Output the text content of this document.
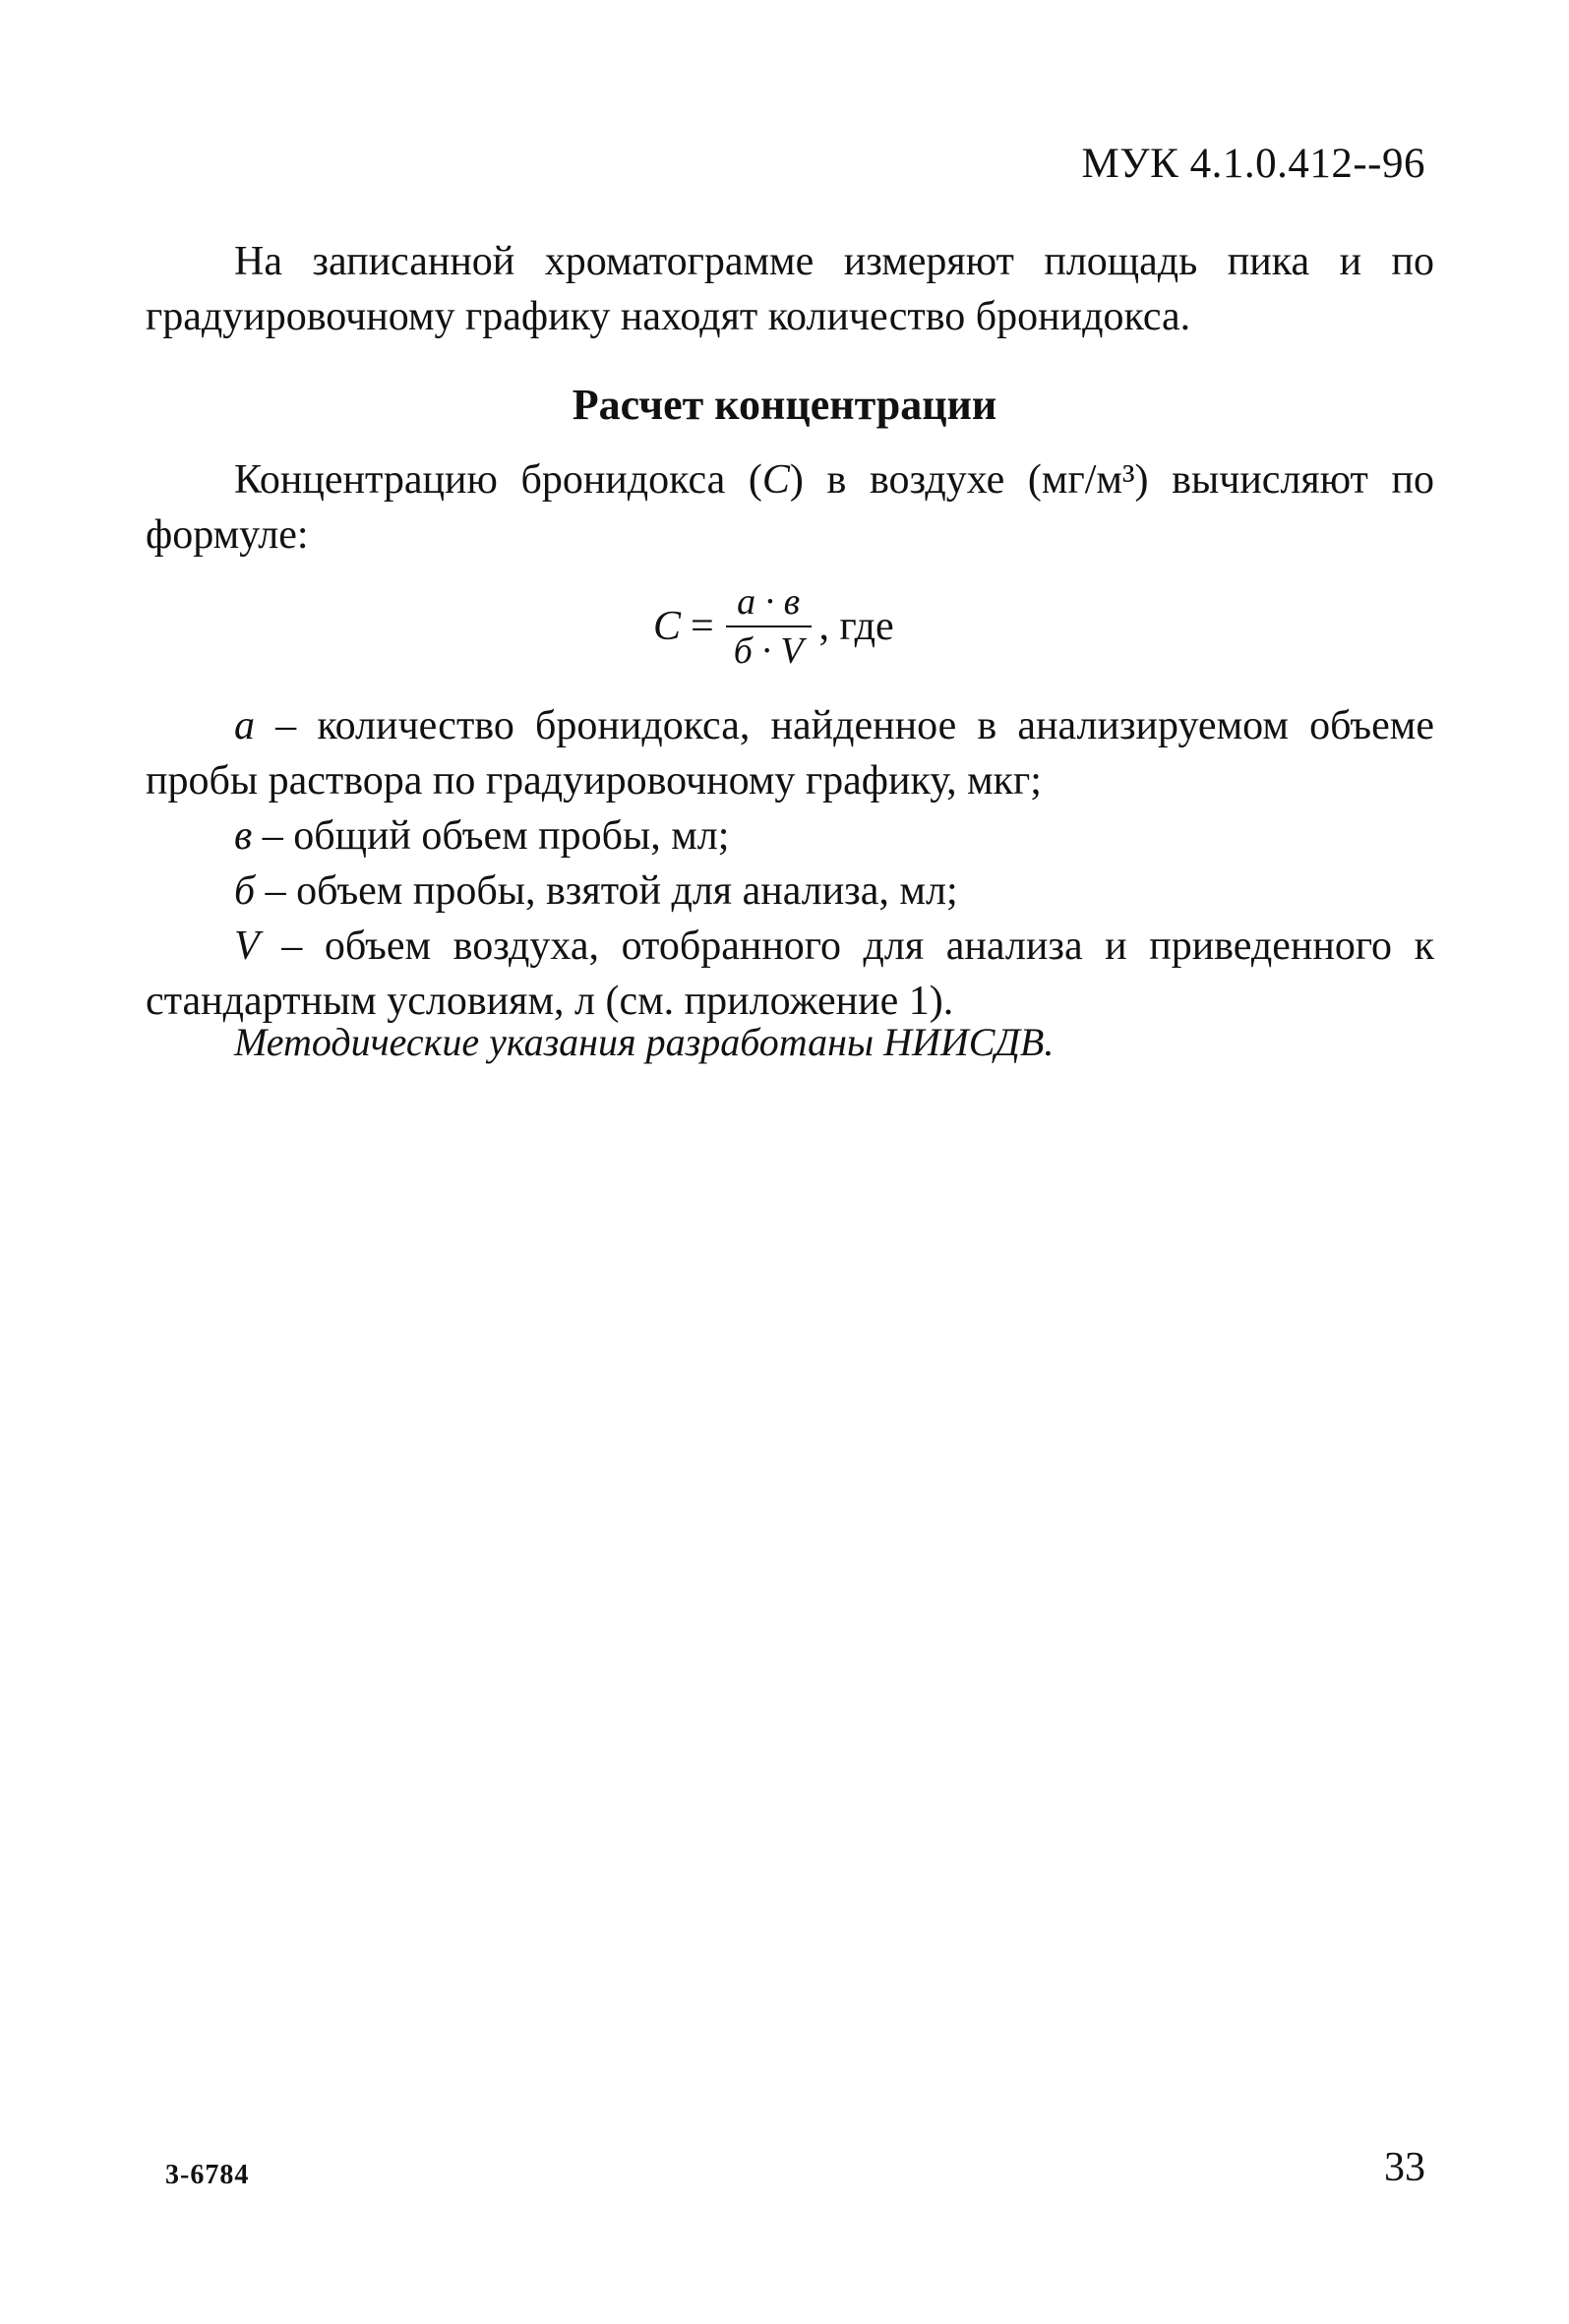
МУК 4.1.0.412--96
На записанной хроматограмме измеряют площадь пика и по градуировочному графику находят количество бронидокса.
Расчет концентрации
Концентрацию бронидокса (С) в воздухе (мг/м³) вычисляют по формуле:
$С = \frac{а \cdot в}{б \cdot V}$ , где

а – количество бронидокса, найденное в анализируемом объеме пробы раствора по градуировочному графику, мкг;

в – общий объем пробы, мл;

б – объем пробы, взятой для анализа, мл;

V – объем воздуха, отобранного для анализа и приведенного к стандартным условиям, л (см. приложение 1).

Методические указания разработаны НИИСДВ.
3-6784	33
